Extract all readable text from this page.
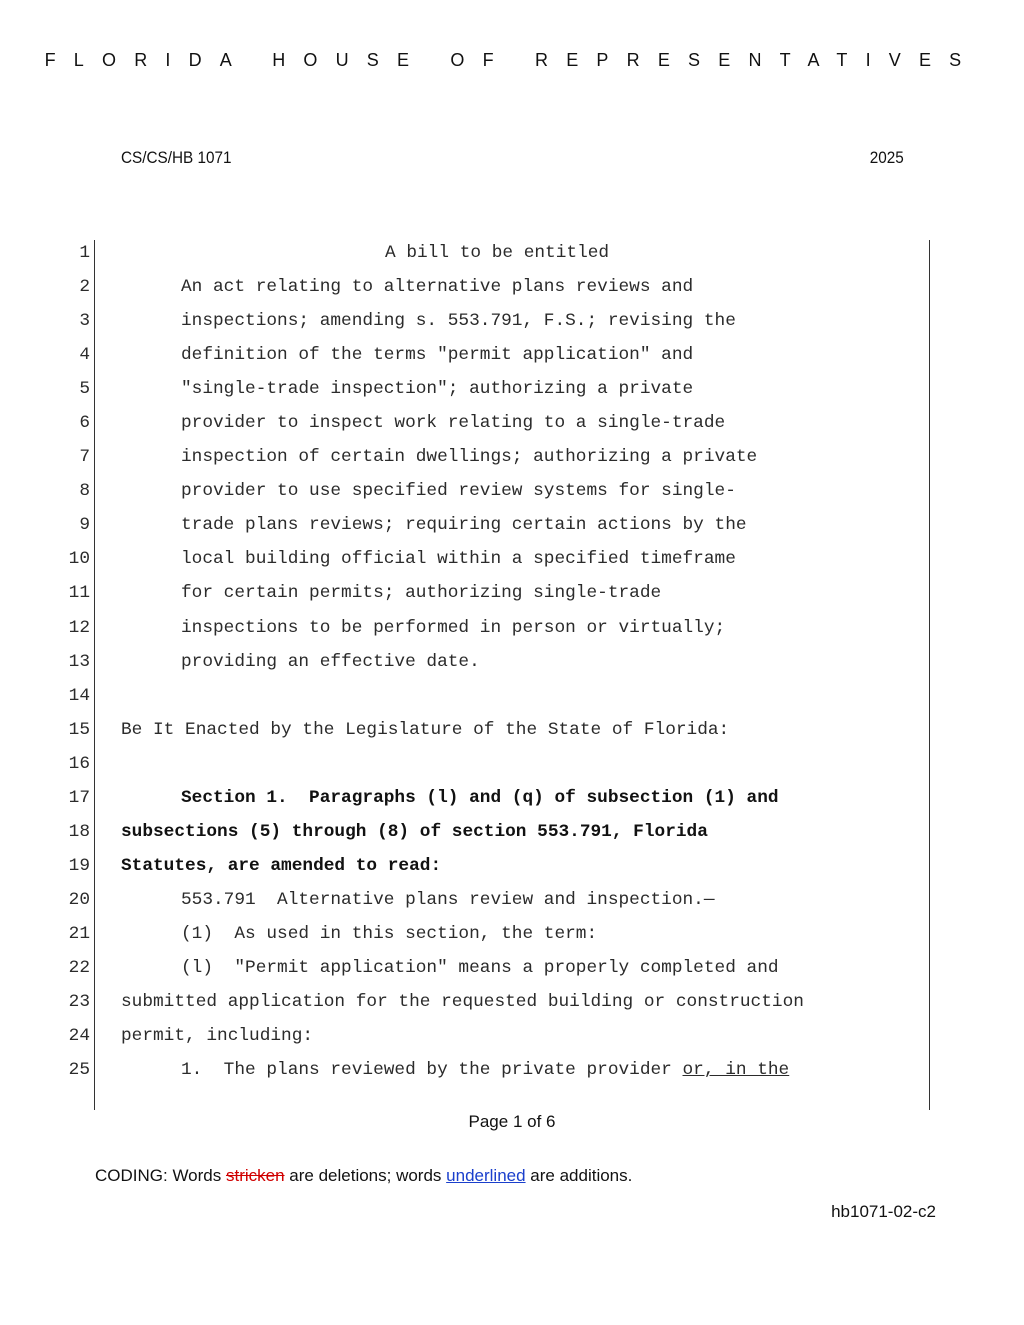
FLORIDA HOUSE OF REPRESENTATIVES
CS/CS/HB 1071	2025
1	A bill to be entitled
2	An act relating to alternative plans reviews and
3	inspections; amending s. 553.791, F.S.; revising the
4	definition of the terms "permit application" and
5	"single-trade inspection"; authorizing a private
6	provider to inspect work relating to a single-trade
7	inspection of certain dwellings; authorizing a private
8	provider to use specified review systems for single-
9	trade plans reviews; requiring certain actions by the
10	local building official within a specified timeframe
11	for certain permits; authorizing single-trade
12	inspections to be performed in person or virtually;
13	providing an effective date.
14
15 Be It Enacted by the Legislature of the State of Florida:
16
17	Section 1.  Paragraphs (l) and (q) of subsection (1) and
18 subsections (5) through (8) of section 553.791, Florida
19 Statutes, are amended to read:
20	553.791  Alternative plans review and inspection.—
21	(1)  As used in this section, the term:
22	(l)  "Permit application" means a properly completed and
23 submitted application for the requested building or construction
24 permit, including:
25	1.  The plans reviewed by the private provider or, in the
Page 1 of 6
CODING: Words stricken are deletions; words underlined are additions.
hb1071-02-c2
